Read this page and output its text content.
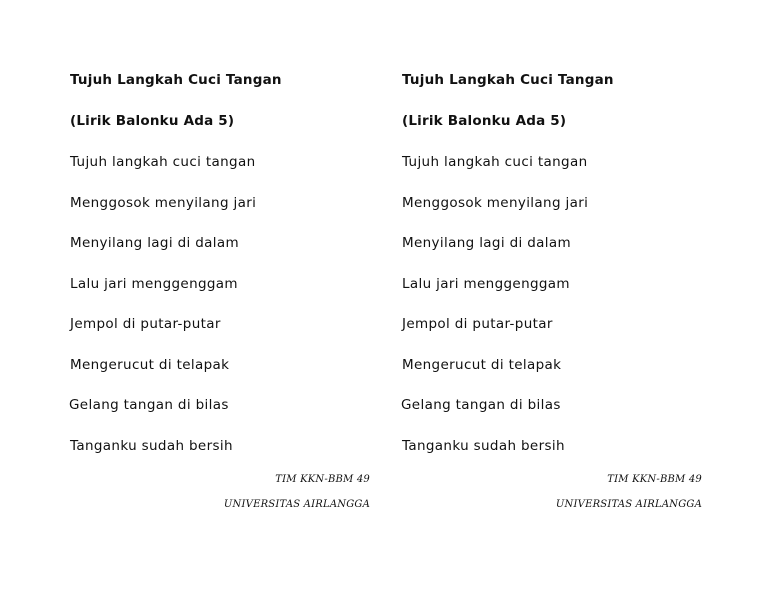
Tujuh Langkah Cuci Tangan
(Lirik Balonku Ada 5)
Tujuh langkah cuci tangan
Menggosok menyilang jari
Menyilang lagi di dalam
Lalu jari menggenggam
Jempol di putar-putar
Mengerucut di telapak
Gelang tangan di bilas
Tanganku sudah bersih
TIM KKN-BBM 49
UNIVERSITAS AIRLANGGA
Tujuh Langkah Cuci Tangan
(Lirik Balonku Ada 5)
Tujuh langkah cuci tangan
Menggosok menyilang jari
Menyilang lagi di dalam
Lalu jari menggenggam
Jempol di putar-putar
Mengerucut di telapak
Gelang tangan di bilas
Tanganku sudah bersih
TIM KKN-BBM 49
UNIVERSITAS AIRLANGGA
